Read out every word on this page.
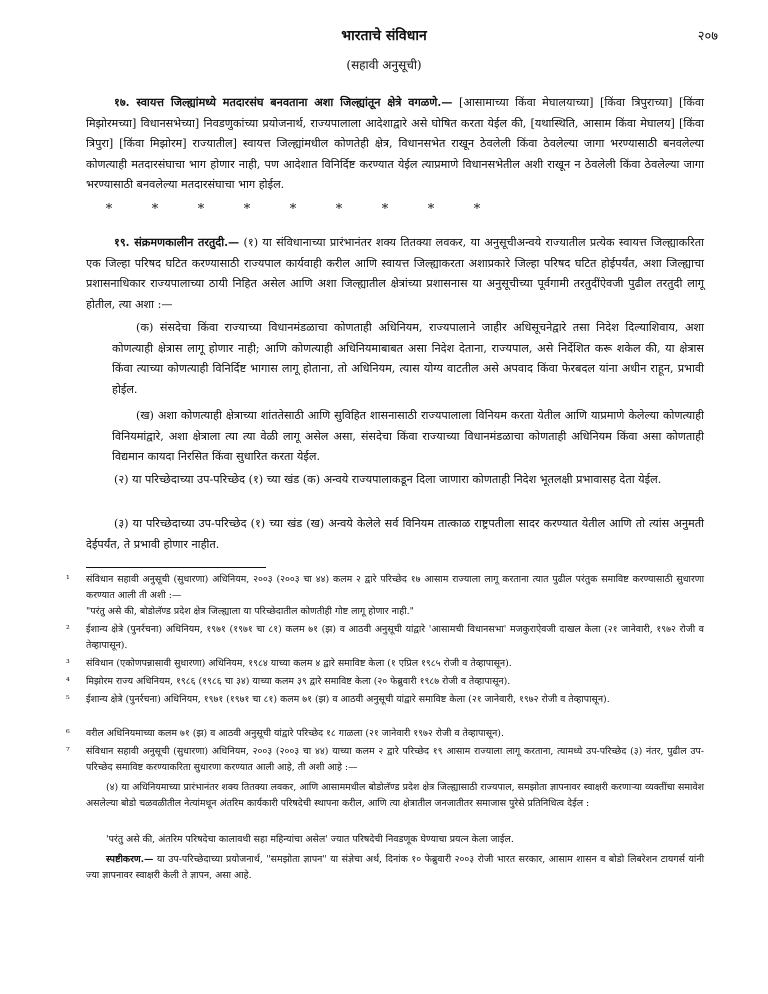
भारताचे संविधान	२०७
(सहावी अनुसूची)
१७. स्वायत्त जिल्ह्यांमध्ये मतदारसंघ बनवताना अशा जिल्ह्यांतून क्षेत्रे वगळणे.— [आसामाच्या किंवा मेघालयाच्या] [किंवा त्रिपुराच्या] [किंवा मिझोरमच्या] विधानसभेच्या] निवडणुकांच्या प्रयोजनार्थ, राज्यपालाला आदेशाद्वारे असे घोषित करता येईल की, [यथास्थिति, आसाम किंवा मेघालय] [किंवा त्रिपुरा] [किंवा मिझोरम] राज्यातील] स्वायत्त जिल्ह्यांमधील कोणतेही क्षेत्र, विधानसभेत राखून ठेवलेली किंवा ठेवलेल्या जागा भरण्यासाठी बनवलेल्या कोणत्याही मतदारसंघाचा भाग होणार नाही, पण आदेशात विनिर्दिष्ट करण्यात येईल त्याप्रमाणे विधानसभेतील अशी राखून न ठेवलेली किंवा ठेवलेल्या जागा भरण्यासाठी बनवलेल्या मतदारसंघाचा भाग होईल.
*	*	*	*	*	*	*	*	*
१९. संक्रमणकालीन तरतुदी.— (१) या संविधानाच्या प्रारंभानंतर शक्य तितक्या लवकर, या अनुसूचीअन्वये राज्यातील प्रत्येक स्वायत्त जिल्ह्याकरिता एक जिल्हा परिषद घटित करण्यासाठी राज्यपाल कार्यवाही करील आणि स्वायत्त जिल्ह्याकरता अशाप्रकारे जिल्हा परिषद घटित होईपर्यंत, अशा जिल्ह्याचा प्रशासनाधिकार राज्यपालाच्या ठायी निहित असेल आणि अशा जिल्ह्यातील क्षेत्रांच्या प्रशासनास या अनुसूचीच्या पूर्वगामी तरतुदींऐवजी पुढील तरतुदी लागू होतील, त्या अशा :—
(क) संसदेचा किंवा राज्याच्या विधानमंडळाचा कोणताही अधिनियम, राज्यपालाने जाहीर अधिसूचनेद्वारे तसा निदेश दिल्याशिवाय, अशा कोणत्याही क्षेत्रास लागू होणार नाही; आणि कोणत्याही अधिनियमाबाबत असा निदेश देताना, राज्यपाल, असे निर्देशित करू शकेल की, या क्षेत्रास किंवा त्याच्या कोणत्याही विनिर्दिष्ट भागास लागू होताना, तो अधिनियम, त्यास योग्य वाटतील असे अपवाद किंवा फेरबदल यांना अधीन राहून, प्रभावी होईल.
(ख) अशा कोणत्याही क्षेत्राच्या शांततेसाठी आणि सुविहित शासनासाठी राज्यपालाला विनियम करता येतील आणि याप्रमाणे केलेल्या कोणत्याही विनियमांद्वारे, अशा क्षेत्राला त्या त्या वेळी लागू असेल असा, संसदेचा किंवा राज्याच्या विधानमंडळाचा कोणताही अधिनियम किंवा असा कोणताही विद्यमान कायदा निरसित किंवा सुधारित करता येईल.
(२) या परिच्छेदाच्या उप-परिच्छेद (१) च्या खंड (क) अन्वये राज्यपालाकडून दिला जाणारा कोणताही निदेश भूतलक्षी प्रभावासह देता येईल.
(३) या परिच्छेदाच्या उप-परिच्छेद (१) च्या खंड (ख) अन्वये केलेले सर्व विनियम तात्काळ राष्ट्रपतीला सादर करण्यात येतील आणि तो त्यांस अनुमती देईपर्यंत, ते प्रभावी होणार नाहीत.
¹ संविधान सहावी अनुसूची (सुधारणा) अधिनियम, २००३ (२००३ चा ४४) कलम २ द्वारे परिच्छेद १७ आसाम राज्याला लागू करताना त्यात पुढील परंतुक समाविष्ट करण्यासाठी सुधारणा करण्यात आली ती अशी :—
"परंतु असे की, बोडोलॅण्ड प्रदेश क्षेत्र जिल्ह्याला या परिच्छेदातील कोणतीही गोष्ट लागू होणार नाही."
² ईशान्य क्षेत्रे (पुनर्रचना) अधिनियम, १९७१ (१९७१ चा ८१) कलम ७१ (झ) व आठवी अनुसूची यांद्वारे 'आसामची विधानसभा' मजकुराऐवजी दाखल केला (२१ जानेवारी, १९७२ रोजी व तेव्हापासून).
³ संविधान (एकोणपन्नासावी सुधारणा) अधिनियम, १९८४ याच्या कलम ४ द्वारे समाविष्ट केला (१ एप्रिल १९८५ रोजी व तेव्हापासून).
⁴ मिझोरम राज्य अधिनियम, १९८६ (१९८६ चा ३४) याच्या कलम ३९ द्वारे समाविष्ट केला (२० फेब्रुवारी १९८७ रोजी व तेव्हापासून).
⁵ ईशान्य क्षेत्रे (पुनर्रचना) अधिनियम, १९७१ (१९७१ चा ८१) कलम ७१ (झ) व आठवी अनुसूची यांद्वारे समाविष्ट केला (२१ जानेवारी, १९७२ रोजी व तेव्हापासून).
⁶ वरील अधिनियमाच्या कलम ७१ (झ) व आठवी अनुसूची यांद्वारे परिच्छेद १८ गाळला (२१ जानेवारी १९७२ रोजी व तेव्हापासून).
⁷ संविधान सहावी अनुसूची (सुधारणा) अधिनियम, २००३ (२००३ चा ४४) याच्या कलम २ द्वारे परिच्छेद १९ आसाम राज्याला लागू करताना, त्यामध्ये उप-परिच्छेद (३) नंतर, पुढील उप-परिच्छेद समाविष्ट करण्याकरिता सुधारणा करण्यात आली आहे, ती अशी आहे :—
(४) या अधिनियमाच्या प्रारंभानंतर शक्य तितक्या लवकर, आणि आसाममधील बोडोलॅण्ड प्रदेश क्षेत्र जिल्ह्यासाठी राज्यपाल, समझोता ज्ञापनावर स्वाक्षरी करणाऱ्या व्यक्तींचा समावेश असलेल्या बोडो चळवळीतील नेत्यांमधून अंतरिम कार्यकारी परिषदेची स्थापना करील, आणि त्या क्षेत्रातील जनजातीतर समाजास पुरेसे प्रतिनिधित्व देईल :
'परंतु असे की, अंतरिम परिषदेचा कालावधी सहा महिन्यांचा असेल' ज्यात परिषदेची निवडणूक घेण्याचा प्रयत्न केला जाईल.
स्पष्टीकरण.— या उप-परिच्छेदाच्या प्रयोजनार्थ, "समझोता ज्ञापन" या संज्ञेचा अर्थ, दिनांक १० फेब्रुवारी २००३ रोजी भारत सरकार, आसाम शासन व बोडो लिबरेशन टायगर्स यांनी ज्या ज्ञापनावर स्वाक्षरी केली ते ज्ञापन, असा आहे.
